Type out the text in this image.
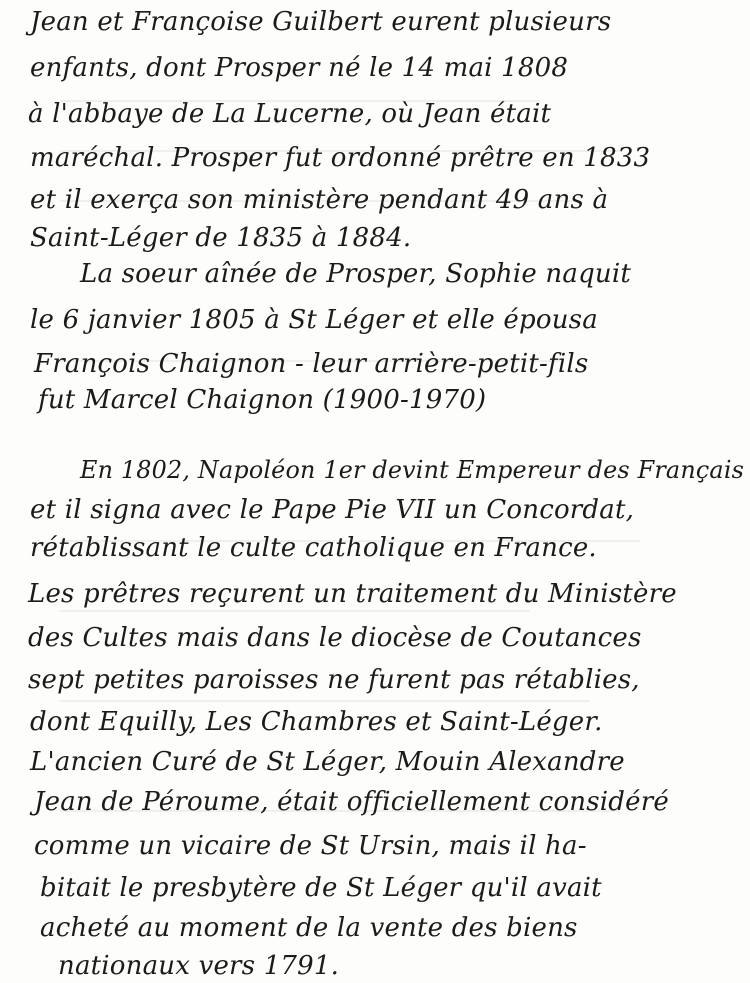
Jean et Françoise Guilbert eurent plusieurs

enfants, dont Prosper né le 14 mai 1808

à l'abbaye de La Lucerne, où Jean était

maréchal. Prosper fut ordonné prêtre en 1833

et il exerça son ministère pendant 49 ans à

Saint-Léger de 1835 à 1884.

La soeur aînée de Prosper, Sophie naquit

le 6 janvier 1805 à St Léger et elle épousa

François Chaignon - leur arrière-petit-fils

fut Marcel Chaignon (1900-1970)

En 1802, Napoléon 1er devint Empereur des Français

et il signa avec le Pape Pie VII un Concordat,

rétablissant le culte catholique en France.

Les prêtres reçurent un traitement du Ministère

des Cultes mais dans le diocèse de Coutances

sept petites paroisses ne furent pas rétablies,

dont Equilly, Les Chambres et Saint-Léger.

L'ancien Curé de St Léger, Mouin Alexandre

Jean de Péroume, était officiellement considéré

comme un vicaire de St Ursin, mais il ha-

bitait le presbytère de St Léger qu'il avait

acheté au moment de la vente des biens

nationaux vers 1791.
